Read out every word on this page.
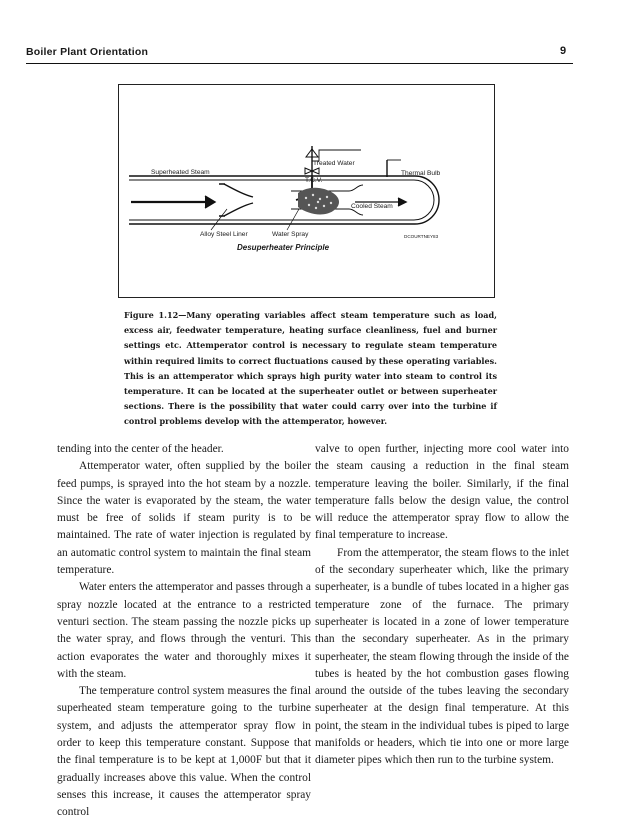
Boiler Plant Orientation	9
Treated Water
Superheated Steam
T.C.V.
Thermal Bulb
Cooled Steam
Alloy Steel Liner	Water Spray	DCOURTNEY83
Desuperheater Principle
Figure 1.12—Many operating variables affect steam temperature such as load, excess air, feedwater temperature, heating surface cleanliness, fuel and burner settings etc. Attemperator control is necessary to regulate steam temperature within required limits to correct fluctuations caused by these operating variables. This is an attemperator which sprays high purity water into steam to control its temperature. It can be located at the superheater outlet or between superheater sections. There is the possibility that water could carry over into the turbine if control problems develop with the attemperator, however.

tending into the center of the header.

Attemperator water, often supplied by the boiler feed pumps, is sprayed into the hot steam by a nozzle. Since the water is evaporated by the steam, the water must be free of solids if steam purity is to be maintained. The rate of water injection is regulated by an automatic control system to maintain the final steam temperature.

Water enters the attemperator and passes through a spray nozzle located at the entrance to a restricted venturi section. The steam passing the nozzle picks up the water spray, and flows through the venturi. This action evaporates the water and thoroughly mixes it with the steam.

The temperature control system measures the final superheated steam temperature going to the turbine system, and adjusts the attemperator spray flow in order to keep this temperature constant. Suppose that the final temperature is to be kept at 1,000F but that it gradually increases above this value. When the control senses this increase, it causes the attemperator spray control

valve to open further, injecting more cool water into the steam causing a reduction in the final steam temperature leaving the boiler. Similarly, if the final temperature falls below the design value, the control will reduce the attemperator spray flow to allow the final temperature to increase.

From the attemperator, the steam flows to the inlet of the secondary superheater which, like the primary superheater, is a bundle of tubes located in a higher gas temperature zone of the furnace. The primary superheater is located in a zone of lower temperature than the secondary superheater. As in the primary superheater, the steam flowing through the inside of the tubes is heated by the hot combustion gases flowing around the outside of the tubes leaving the secondary superheater at the design final temperature. At this point, the steam in the individual tubes is piped to large manifolds or headers, which tie into one or more large diameter pipes which then run to the turbine system.
